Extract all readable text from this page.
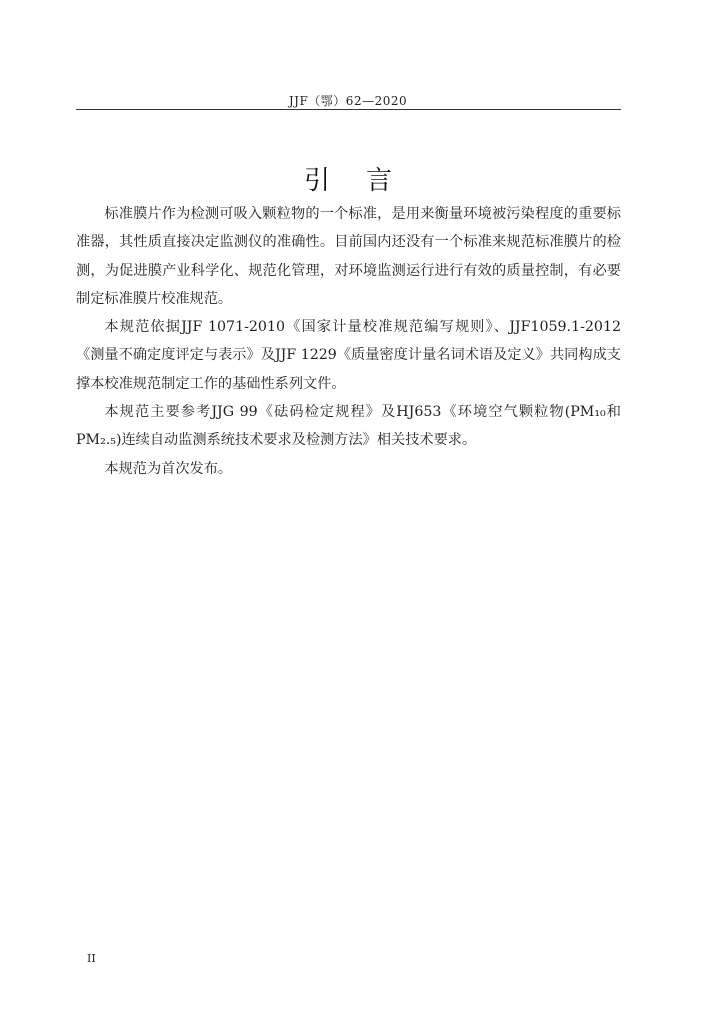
JJF（鄂）62—2020
引言

标准膜片作为检测可吸入颗粒物的一个标准，是用来衡量环境被污染程度的重要标准器，其性质直接决定监测仪的准确性。目前国内还没有一个标准来规范标准膜片的检测，为促进膜产业科学化、规范化管理，对环境监测运行进行有效的质量控制，有必要制定标准膜片校准规范。

本规范依据JJF 1071-2010《国家计量校准规范编写规则》、JJF1059.1-2012《测量不确定度评定与表示》及JJF 1229《质量密度计量名词术语及定义》共同构成支撑本校准规范制定工作的基础性系列文件。

本规范主要参考JJG 99《砝码检定规程》及HJ653《环境空气颗粒物(PM₁₀和PM₂.₅)连续自动监测系统技术要求及检测方法》相关技术要求。

本规范为首次发布。

II
